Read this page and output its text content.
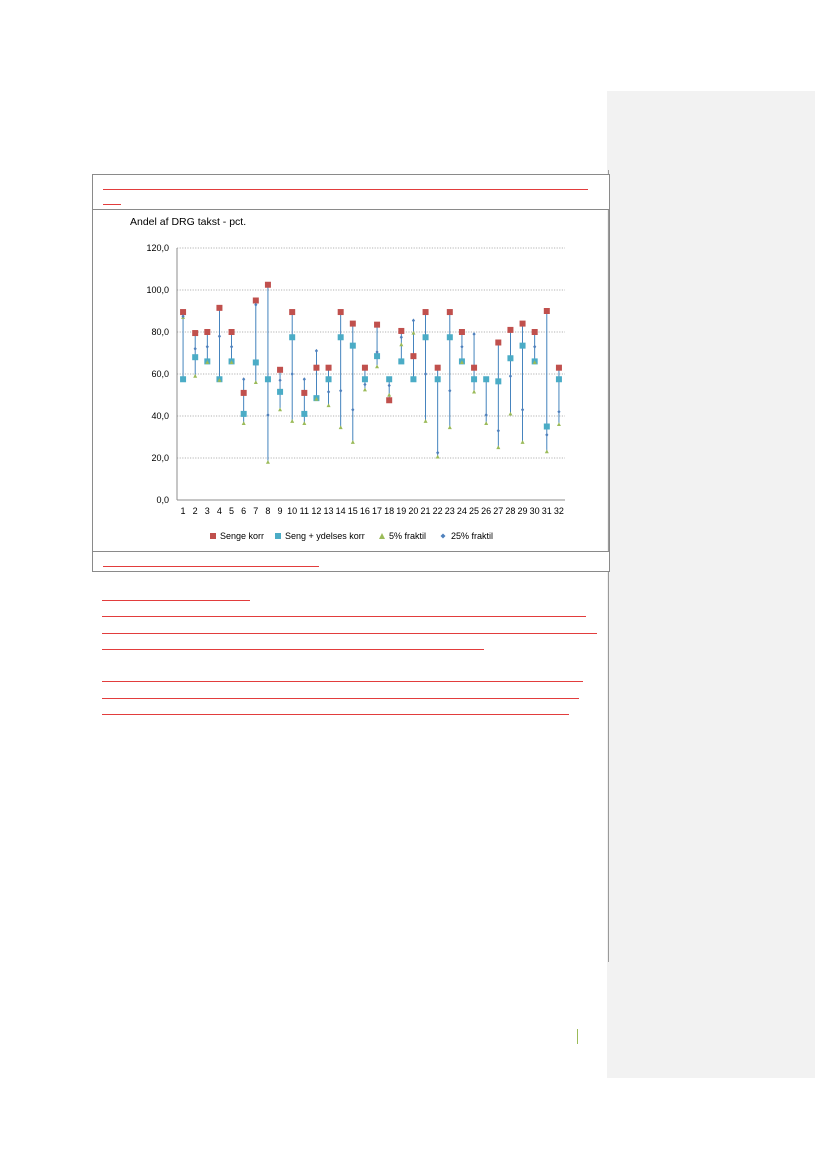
Andel af DRG takst - pct.
0,0
20,0
40,0
60,0
80,0
100,0
120,0
1 2 3 4 5 6 7 8 9 10 11 12 13 14 15 16 17 18 19 20 21 22 23 24 25 26 27 28 29 30 31 32
Senge korr Seng + ydelses korr	5% fraktil	25% fraktil
